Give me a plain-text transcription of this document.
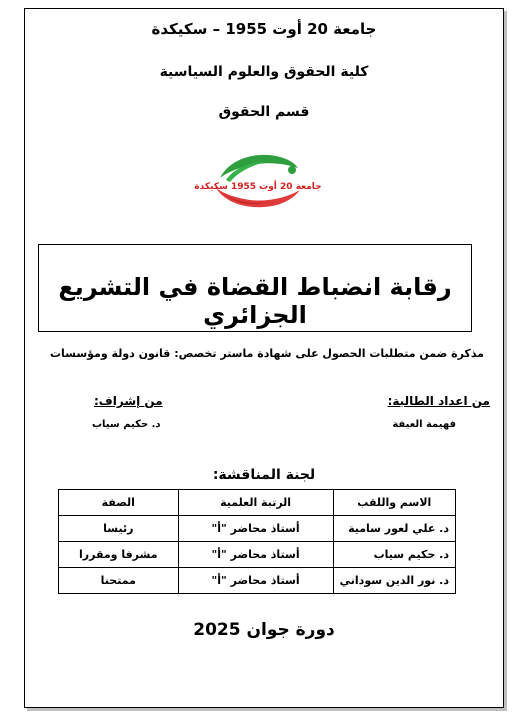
جامعة 20 أوت 1955 – سكيكدة
كلية الحقوق والعلوم السياسية
قسم الحقوق
جامعة 20 أوت 1955 سكيكدة
رقابة انضباط القضاة في التشريع الجزائري
مذكرة ضمن متطلبات الحصول على شهادة ماستر تخصص: قانون دولة ومؤسسات
من اعداد الطالبة:
فهيمة العيفة
من إشراف:
د. حكيم سياب
لجنة المناقشة:
الاسم واللقب	الرتبة العلمية	الصفة
د. علي لعور سامية	أستاذ محاضر "أ"	رئيسا
د. حكيم سياب	أستاذ محاضر "أ"	مشرفا ومقررا
د. نور الدين سوداني	أستاذ محاضر "أ"	ممتحنا
دورة جوان 2025
